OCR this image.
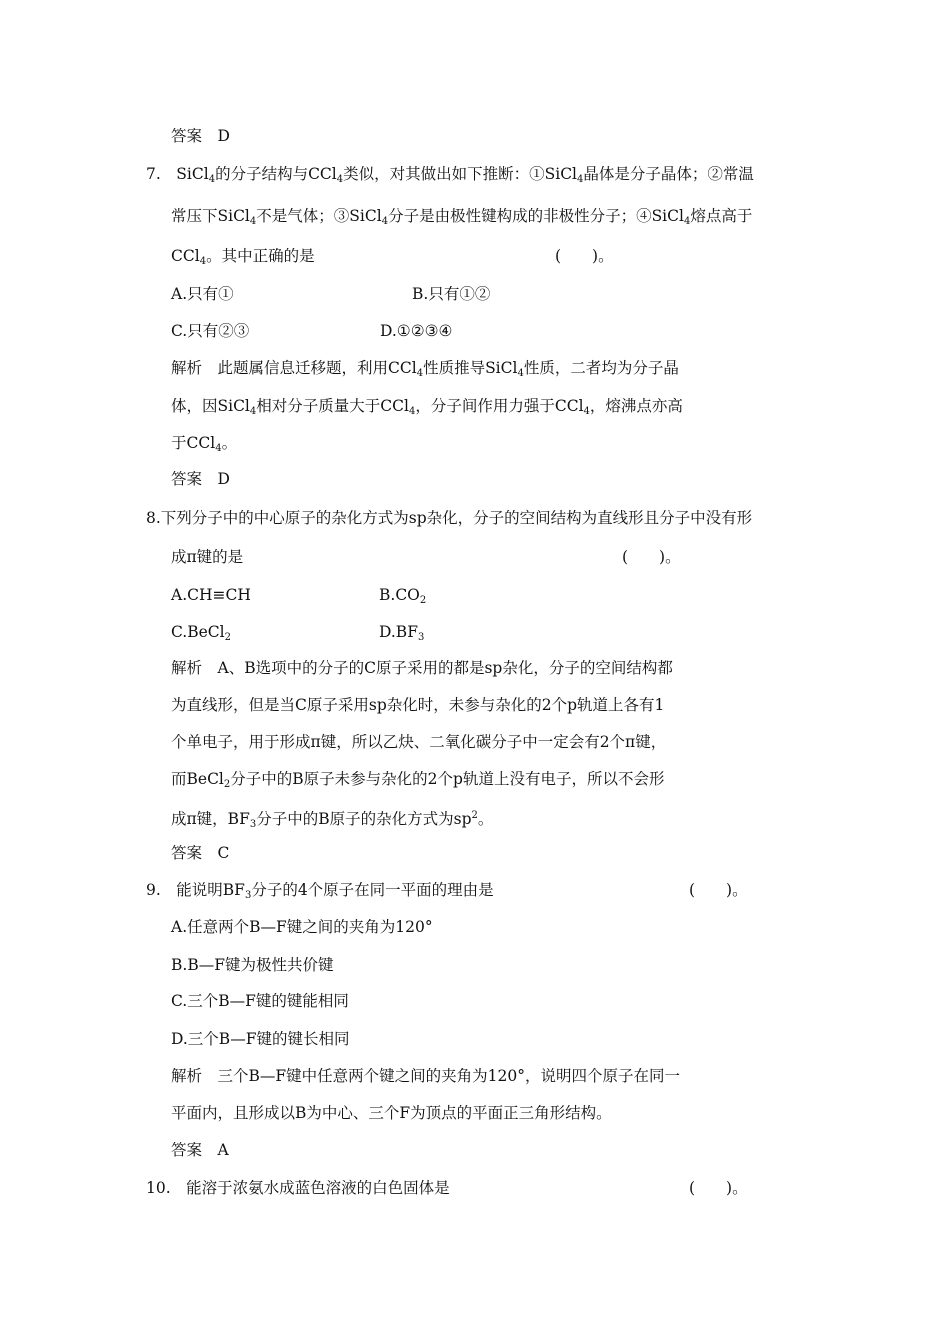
答案　D
7.　SiCl$_4$的分子结构与CCl$_4$类似，对其做出如下推断：①SiCl$_4$晶体是分子晶体；②常温
常压下SiCl$_4$不是气体；③SiCl$_4$分子是由极性键构成的非极性分子；④SiCl$_4$熔点高于
CCl$_4$。其中正确的是	(　　)。
A.只有①	B.只有①②
C.只有②③	D.①②③④
解析　此题属信息迁移题，利用CCl$_4$性质推导SiCl$_4$性质，二者均为分子晶
体，因SiCl$_4$相对分子质量大于CCl$_4$，分子间作用力强于CCl$_4$，熔沸点亦高
于CCl$_4$。
答案　D
8.下列分子中的中心原子的杂化方式为sp杂化，分子的空间结构为直线形且分子中没有形
成π键的是	(　　)。
A.CH≡CH	$B.CO_2$
C.BeCl$_2$	$D.BF_3$
解析　A、B选项中的分子的C原子采用的都是sp杂化，分子的空间结构都
为直线形，但是当C原子采用sp杂化时，未参与杂化的2个p轨道上各有1
个单电子，用于形成π键，所以乙炔、二氧化碳分子中一定会有2个π键，
而BeCl$_2$分子中的B原子未参与杂化的2个p轨道上没有电子，所以不会形
成π键，$BF_3$分子中的B原子的杂化方式为$sp^2$。
答案　C
9.　能说明$BF_3$分子的4个原子在同一平面的理由是	(　　)。
A.任意两个B—F键之间的夹角为120°
B.B—F键为极性共价键
C.三个B—F键的键能相同
D.三个B—F键的键长相同
解析　三个B—F键中任意两个键之间的夹角为120°，说明四个原子在同一
平面内，且形成以B为中心、三个F为顶点的平面正三角形结构。
答案　A
10.　能溶于浓氨水成蓝色溶液的白色固体是	(　　)。
